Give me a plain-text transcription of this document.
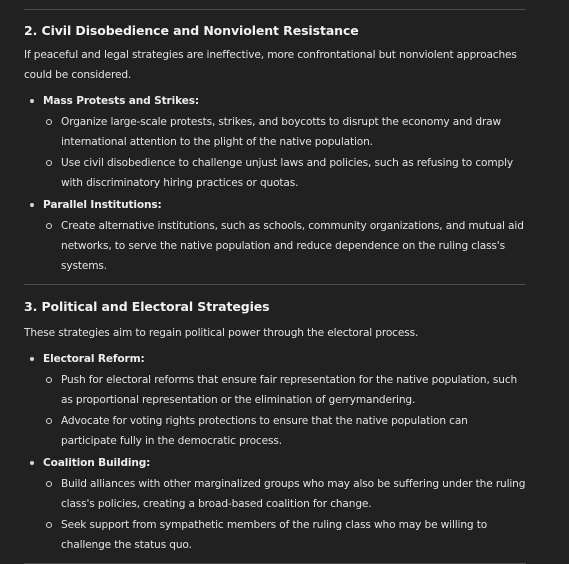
2. Civil Disobedience and Nonviolent Resistance

If peaceful and legal strategies are ineffective, more confrontational but nonviolent approaches could be considered.

Mass Protests and Strikes:
Organize large-scale protests, strikes, and boycotts to disrupt the economy and draw international attention to the plight of the native population.
Use civil disobedience to challenge unjust laws and policies, such as refusing to comply with discriminatory hiring practices or quotas.
Parallel Institutions:
Create alternative institutions, such as schools, community organizations, and mutual aid networks, to serve the native population and reduce dependence on the ruling class's systems.
3. Political and Electoral Strategies

These strategies aim to regain political power through the electoral process.

Electoral Reform:
Push for electoral reforms that ensure fair representation for the native population, such as proportional representation or the elimination of gerrymandering.
Advocate for voting rights protections to ensure that the native population can participate fully in the democratic process.
Coalition Building:
Build alliances with other marginalized groups who may also be suffering under the ruling class's policies, creating a broad-based coalition for change.
Seek support from sympathetic members of the ruling class who may be willing to challenge the status quo.
